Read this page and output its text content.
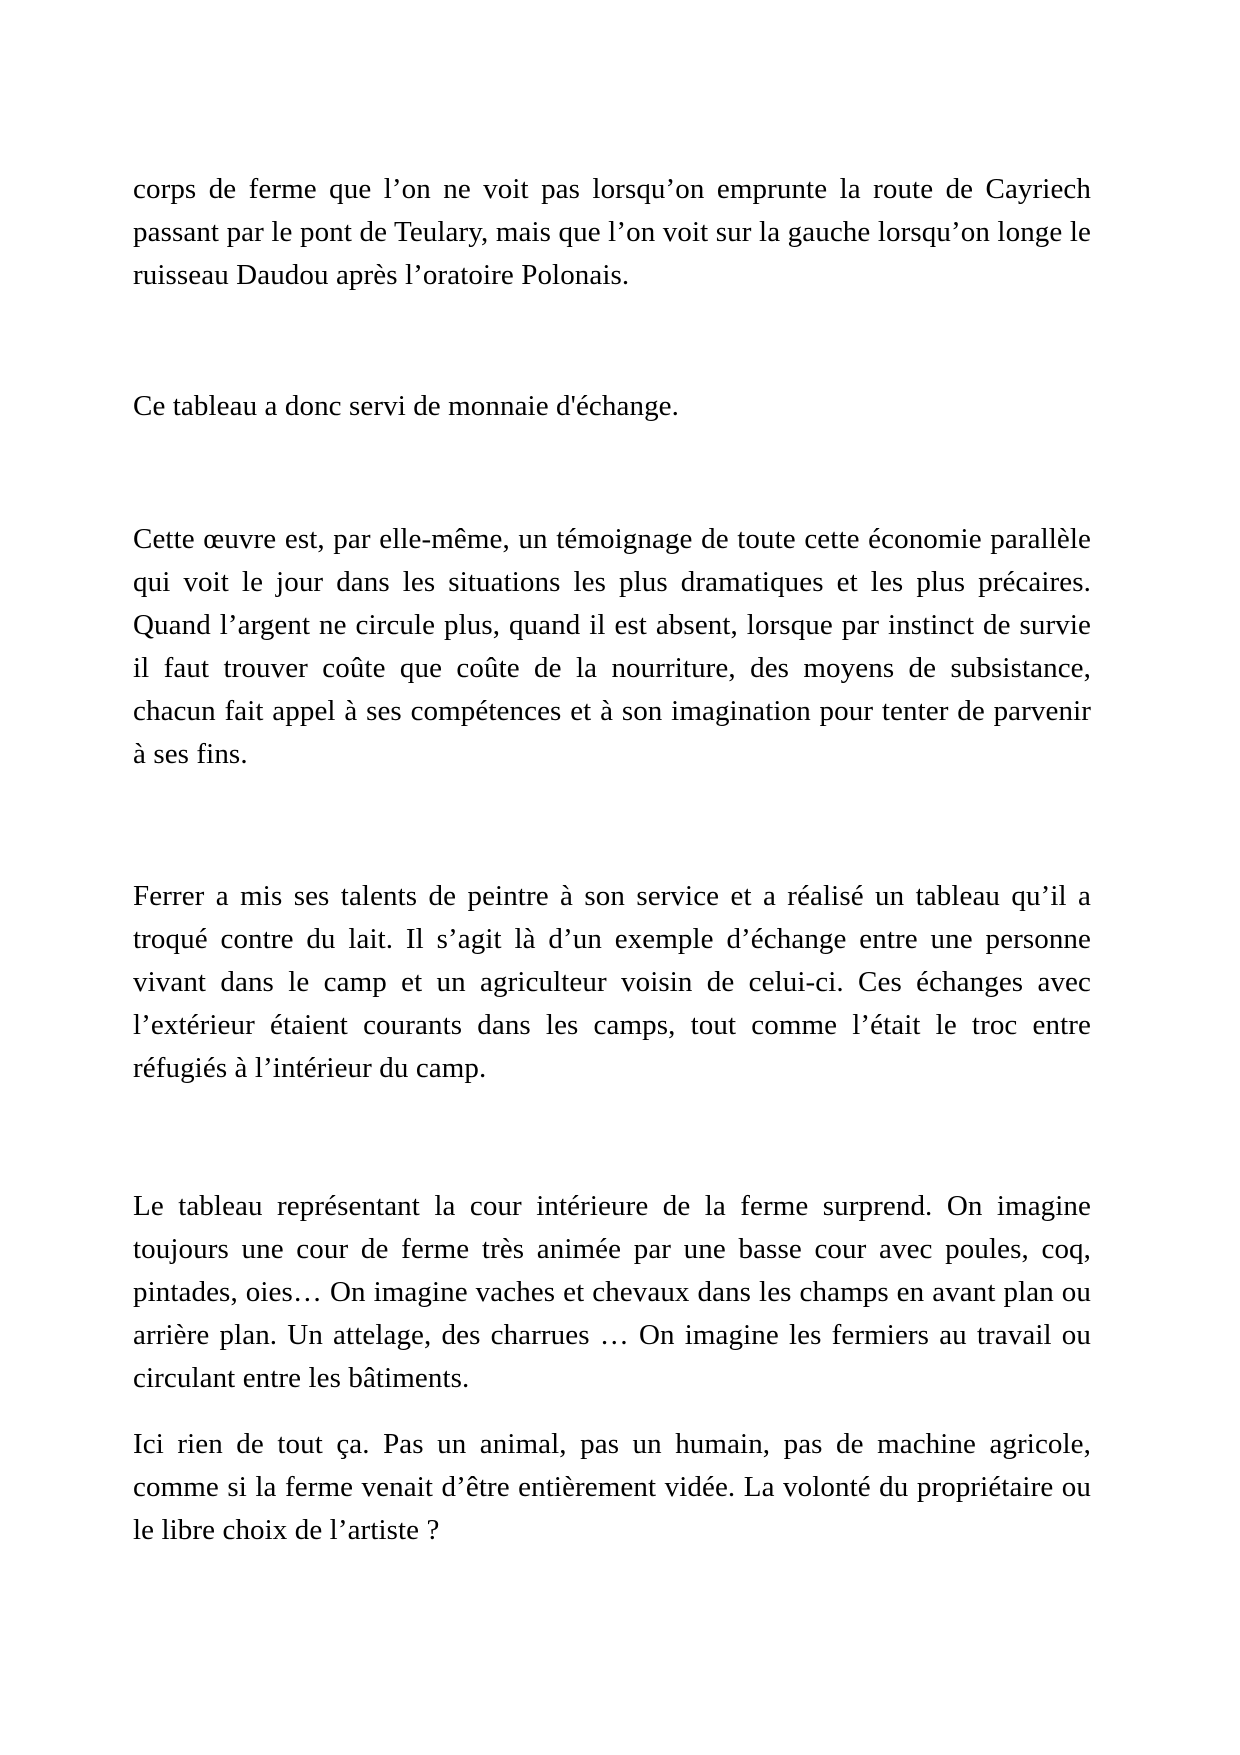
corps de ferme que l’on ne voit pas lorsqu’on emprunte la route de Cayriech passant par le pont de Teulary, mais que l’on voit sur la gauche lorsqu’on longe le ruisseau Daudou après l’oratoire Polonais.

Ce tableau a donc servi de monnaie d'échange.

Cette œuvre est, par elle-même, un témoignage de toute cette économie parallèle qui voit le jour dans les situations les plus dramatiques et les plus précaires. Quand l’argent ne circule plus, quand il est absent, lorsque par instinct de survie il faut trouver coûte que coûte de la nourriture, des moyens de subsistance, chacun fait appel à ses compétences et à son imagination pour tenter de parvenir à ses fins.

Ferrer a mis ses talents de peintre à son service et a réalisé un tableau qu’il a troqué contre du lait. Il s’agit là d’un exemple d’échange entre une personne vivant dans le camp et un agriculteur voisin de celui-ci. Ces échanges avec l’extérieur étaient courants dans les camps, tout comme l’était le troc entre réfugiés à l’intérieur du camp.

Le tableau représentant la cour intérieure de la ferme surprend. On imagine toujours une cour de ferme très animée par une basse cour avec poules, coq, pintades, oies… On imagine vaches et chevaux dans les champs en avant plan ou arrière plan. Un attelage, des charrues … On imagine les fermiers au travail ou circulant entre les bâtiments.

Ici rien de tout ça. Pas un animal, pas un humain, pas de machine agricole, comme si la ferme venait d’être entièrement vidée. La volonté du propriétaire ou le libre choix de l’artiste ?
